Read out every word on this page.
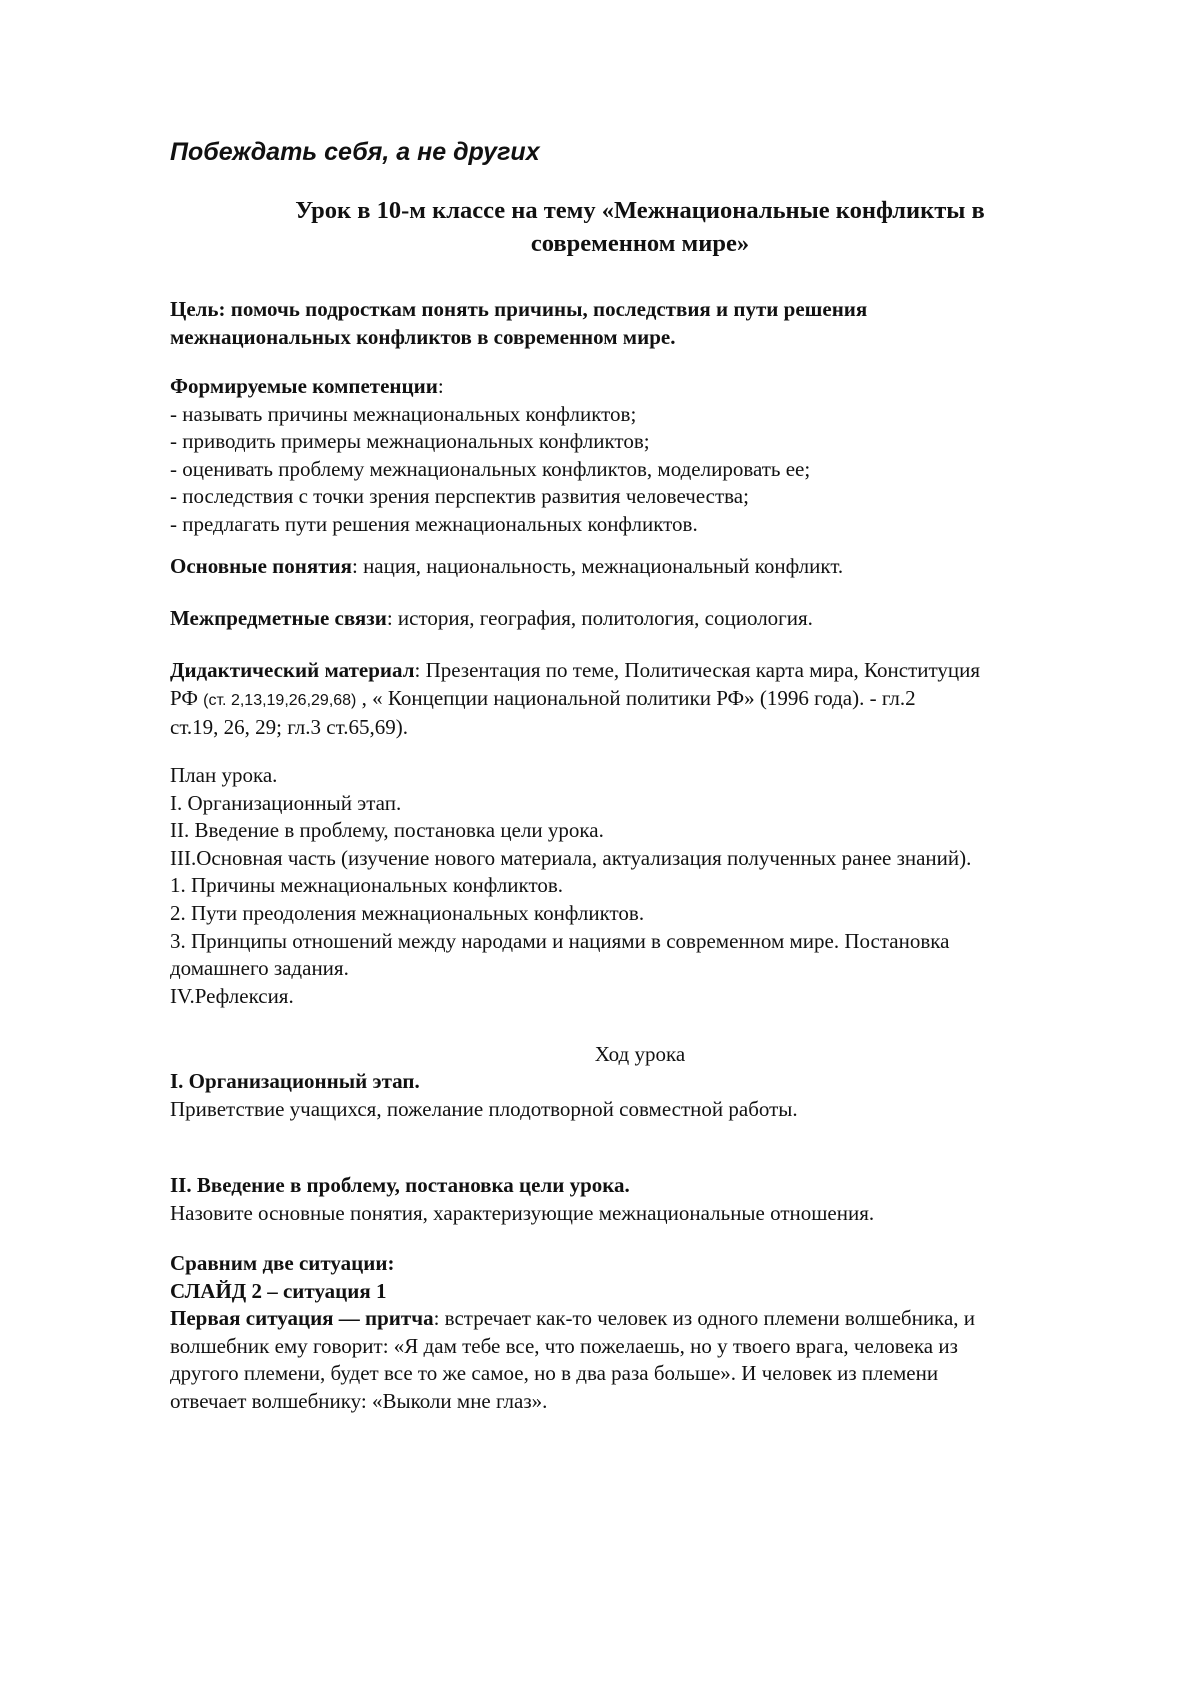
Побеждать себя, а не других
Урок в 10-м классе на тему «Межнациональные конфликты в
современном мире»
Цель: помочь подросткам понять причины, последствия и пути решения
межнациональных конфликтов в современном мире.
Формируемые компетенции:
- называть причины межнациональных конфликтов;
- приводить примеры межнациональных конфликтов;
- оценивать проблему межнациональных конфликтов, моделировать ее;
- последствия с точки зрения перспектив развития человечества;
- предлагать пути решения межнациональных конфликтов.
Основные понятия: нация, национальность, межнациональный конфликт.
Межпредметные связи: история, география, политология, социология.
Дидактический материал: Презентация по теме, Политическая карта мира, Конституция
РФ (ст. 2,13,19,26,29,68) , « Концепции национальной политики РФ» (1996 года). - гл.2
ст.19, 26, 29; гл.3 ст.65,69).
План урока.
I. Организационный этап.
II. Введение в проблему, постановка цели урока.
III.Основная часть (изучение нового материала, актуализация полученных ранее знаний).
1. Причины межнациональных конфликтов.
2. Пути преодоления межнациональных конфликтов.
3. Принципы отношений между народами и нациями в современном мире. Постановка
домашнего задания.
IV.Рефлексия.
Ход урока
I. Организационный этап.
Приветствие учащихся, пожелание плодотворной совместной работы.
II. Введение в проблему, постановка цели урока.
Назовите основные понятия, характеризующие межнациональные отношения.
Сравним две ситуации:
СЛАЙД 2 – ситуация 1
Первая ситуация — притча: встречает как-то человек из одного племени волшебника, и
волшебник ему говорит: «Я дам тебе все, что пожелаешь, но у твоего врага, человека из
другого племени, будет все то же самое, но в два раза больше». И человек из племени
отвечает волшебнику: «Выколи мне глаз».
